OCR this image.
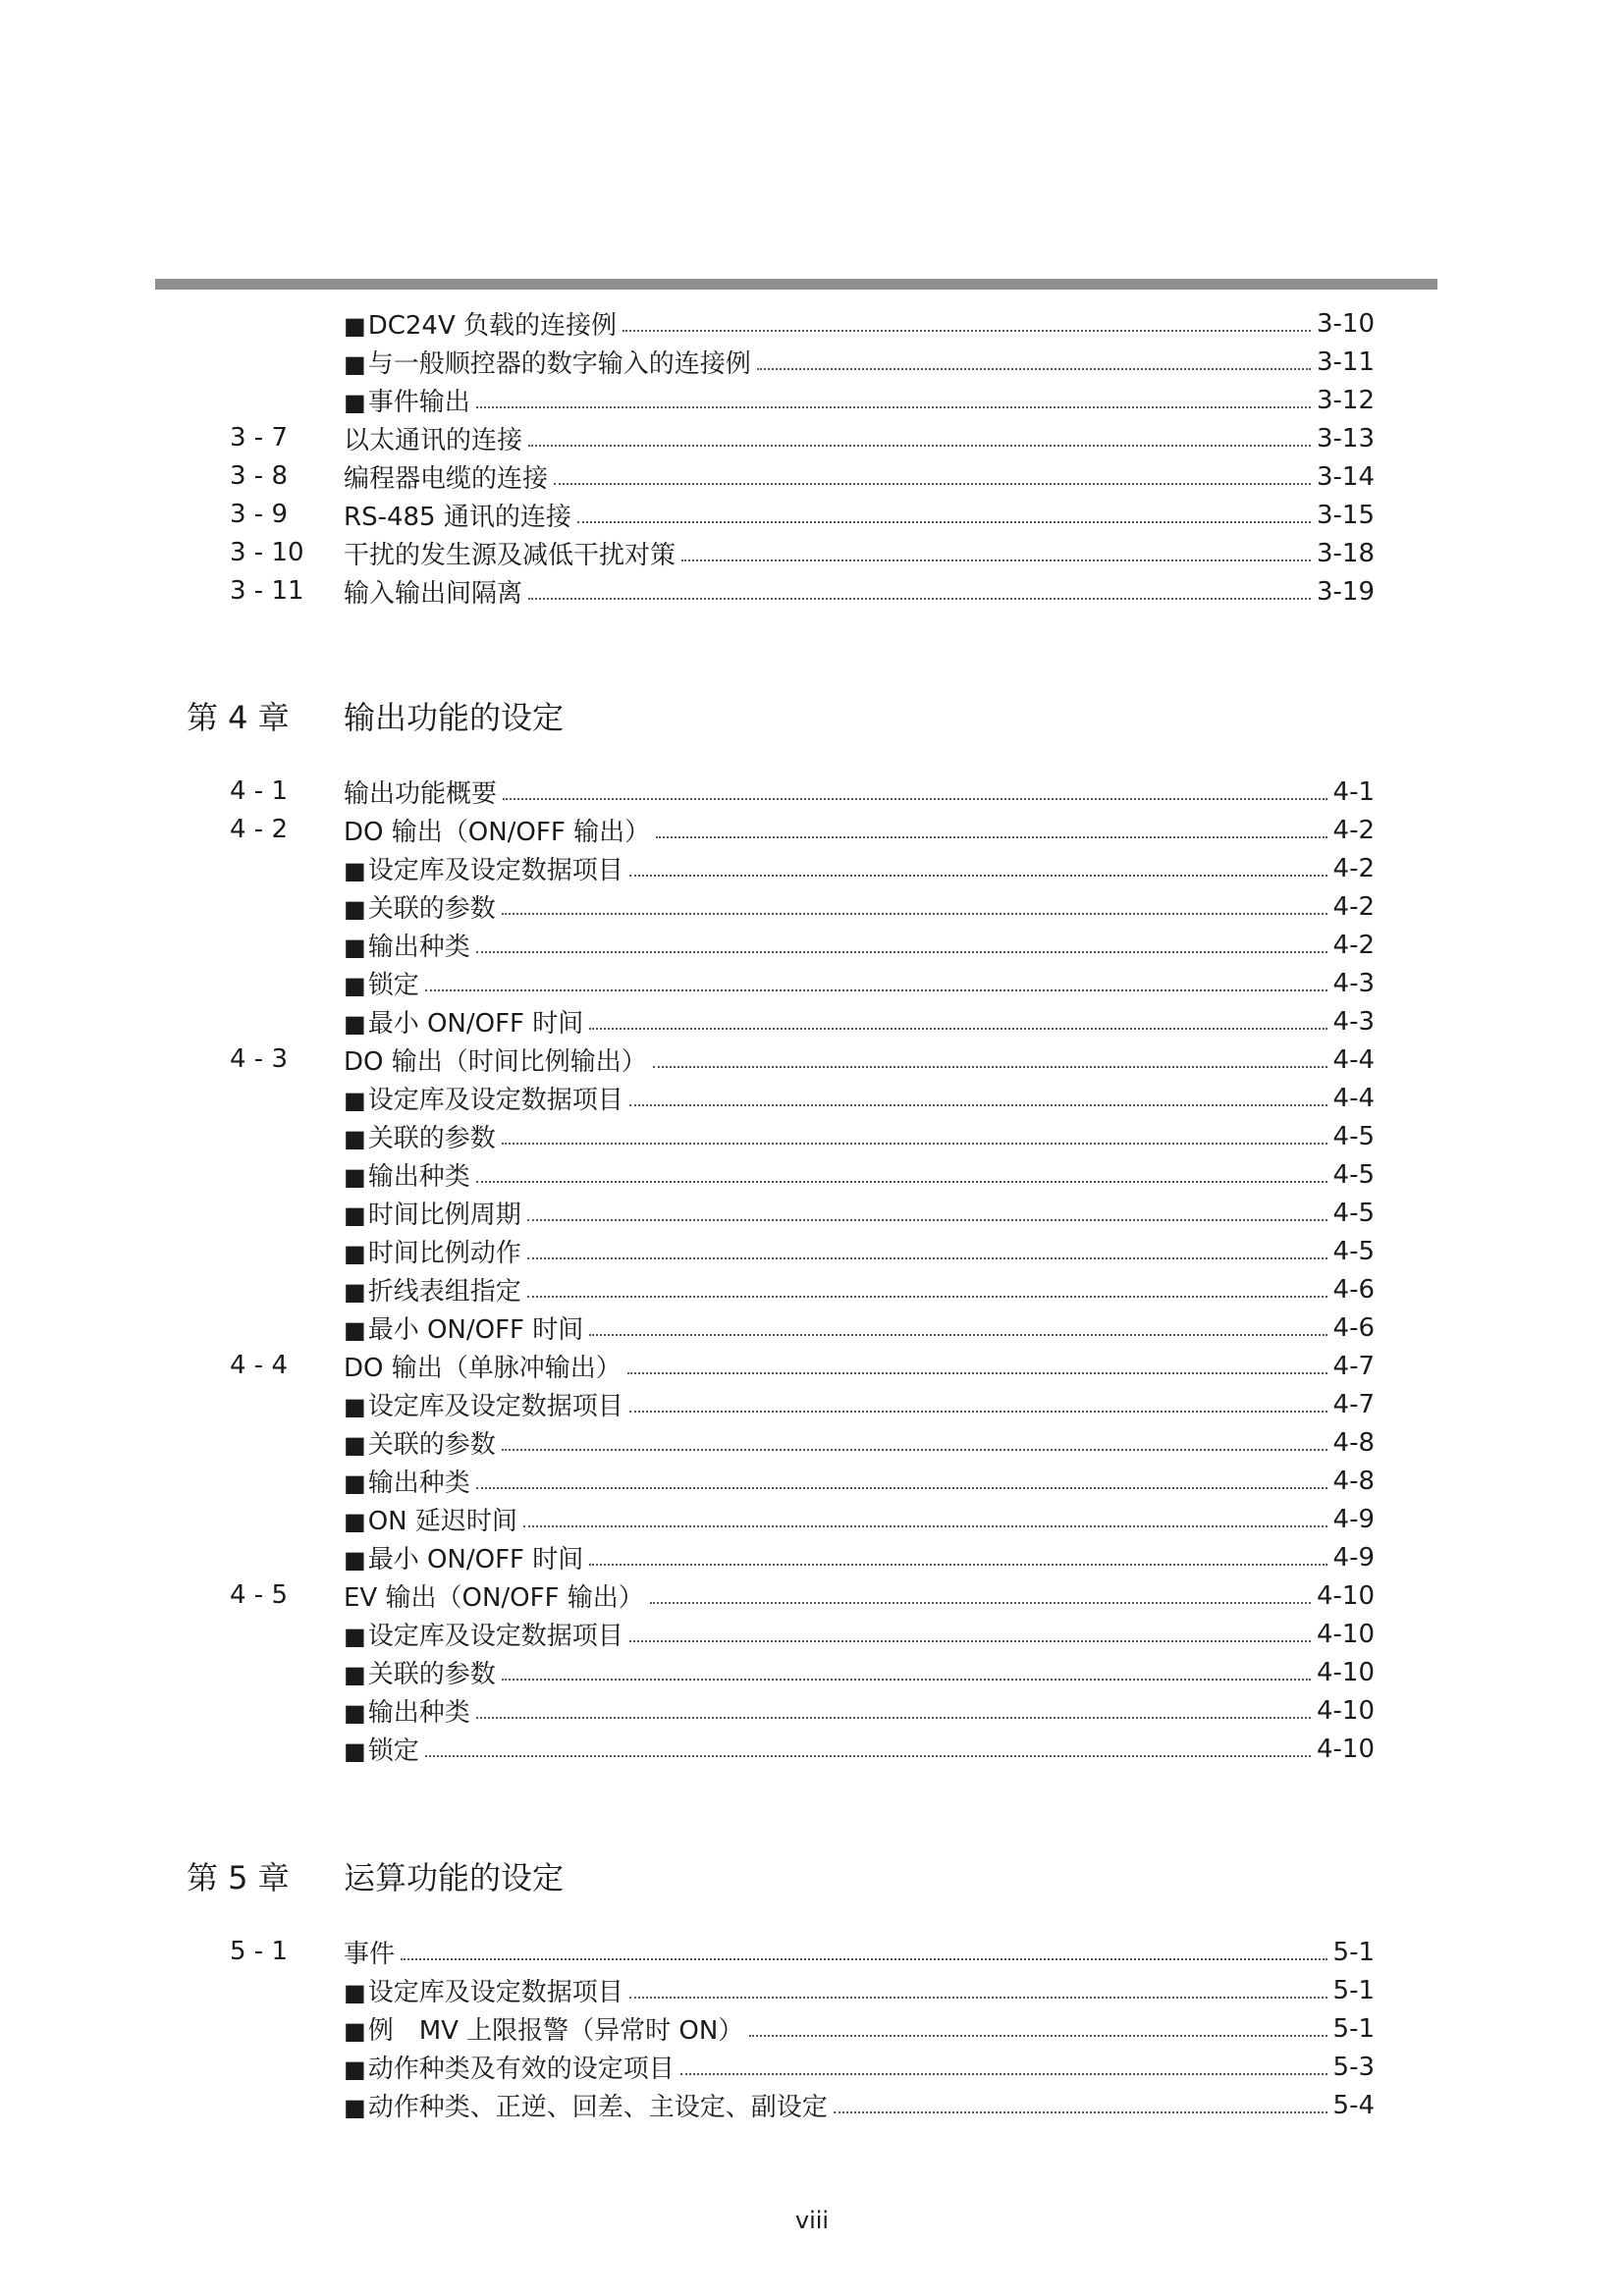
■DC24V 负载的连接例	3-10
■与一般顺控器的数字输入的连接例	3-11
■事件输出	3-12
3 - 7 以太通讯的连接	3-13
3 - 8 编程器电缆的连接	3-14
3 - 9 RS-485 通讯的连接	3-15
3 - 10 干扰的发生源及减低干扰对策	3-18
3 - 11 输入输出间隔离	3-19
第 4 章 输出功能的设定
4 - 1 输出功能概要	4-1
4 - 2 DO 输出（ON/OFF 输出）	4-2
■设定库及设定数据项目	4-2
■关联的参数	4-2
■输出种类	4-2
■锁定	4-3
■最小 ON/OFF 时间	4-3
4 - 3 DO 输出（时间比例输出）	4-4
■设定库及设定数据项目	4-4
■关联的参数	4-5
■输出种类	4-5
■时间比例周期	4-5
■时间比例动作	4-5
■折线表组指定	4-6
■最小 ON/OFF 时间	4-6
4 - 4 DO 输出（单脉冲输出）	4-7
■设定库及设定数据项目	4-7
■关联的参数	4-8
■输出种类	4-8
■ON 延迟时间	4-9
■最小 ON/OFF 时间	4-9
4 - 5 EV 输出（ON/OFF 输出）	4-10
■设定库及设定数据项目	4-10
■关联的参数	4-10
■输出种类	4-10
■锁定	4-10
第 5 章 运算功能的设定
5 - 1 事件	5-1
■设定库及设定数据项目	5-1
■例　MV 上限报警（异常时 ON）	5-1
■动作种类及有效的设定项目	5-3
■动作种类、正逆、回差、主设定、副设定	5-4
viii
